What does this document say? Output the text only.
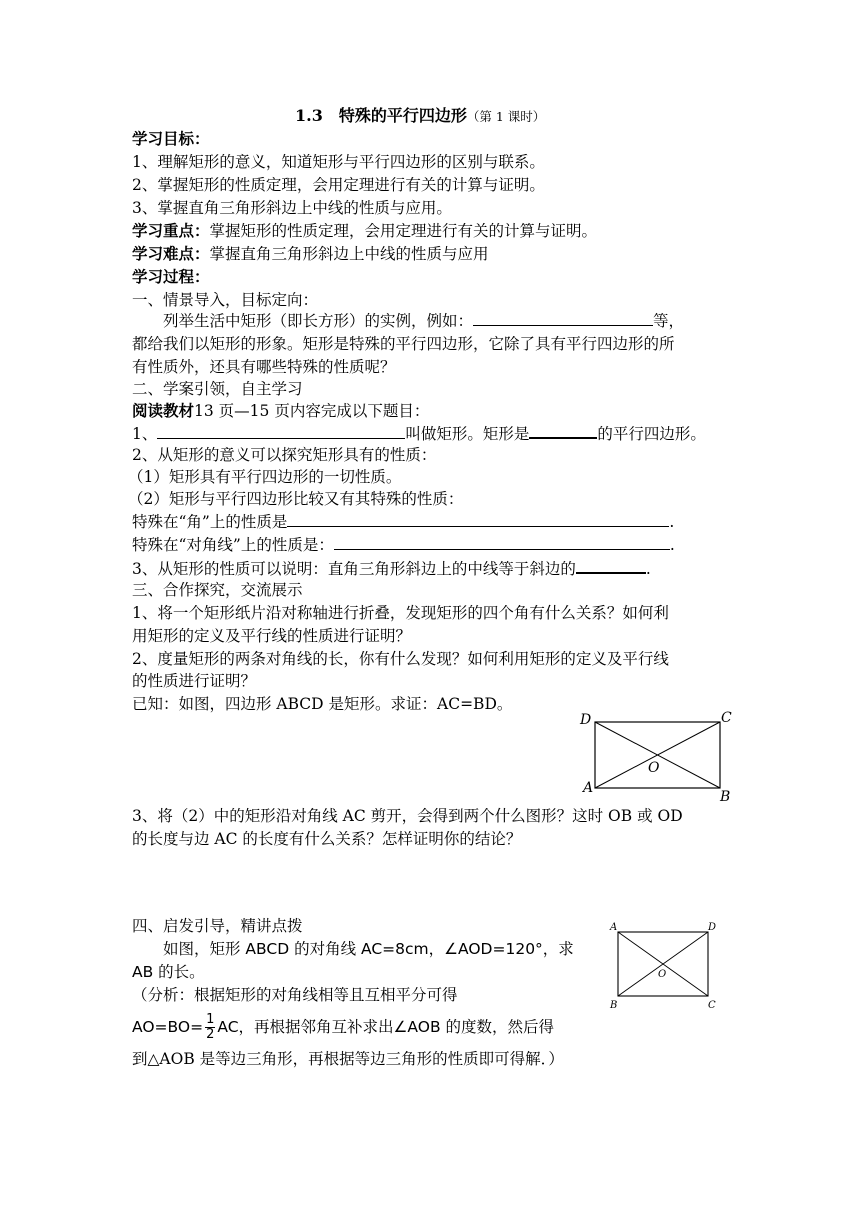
1.3　特殊的平行四边形（第 1 课时）
学习目标：
1、理解矩形的意义，知道矩形与平行四边形的区别与联系。
2、掌握矩形的性质定理，会用定理进行有关的计算与证明。
3、掌握直角三角形斜边上中线的性质与应用。
学习重点：掌握矩形的性质定理，会用定理进行有关的计算与证明。
学习难点：掌握直角三角形斜边上中线的性质与应用
学习过程：
一、情景导入，目标定向：
列举生活中矩形（即长方形）的实例，例如：	等，
都给我们以矩形的形象。矩形是特殊的平行四边形，它除了具有平行四边形的所
有性质外，还具有哪些特殊的性质呢？
二、学案引领，自主学习
阅读教材13 页—15 页内容完成以下题目：
1、	叫做矩形。矩形是	的平行四边形。
2、从矩形的意义可以探究矩形具有的性质：
（1）矩形具有平行四边形的一切性质。
（2）矩形与平行四边形比较又有其特殊的性质：
特殊在“角”上的性质是	.
特殊在“对角线”上的性质是：	.
3、从矩形的性质可以说明：直角三角形斜边上的中线等于斜边的	.
三、合作探究，交流展示
1、将一个矩形纸片沿对称轴进行折叠，发现矩形的四个角有什么关系？如何利
用矩形的定义及平行线的性质进行证明？
2、度量矩形的两条对角线的长，你有什么发现？如何利用矩形的定义及平行线
的性质进行证明？
已知：如图，四边形 ABCD 是矩形。求证：AC=BD。
D	C
A
B
O
3、将（2）中的矩形沿对角线 AC 剪开，会得到两个什么图形？这时 OB 或 OD
的长度与边 AC 的长度有什么关系？怎样证明你的结论？
四、启发引导，精讲点拨
如图，矩形 ABCD 的对角线 AC=8cm，∠AOD=120°，求
AB 的长。
（分析：根据矩形的对角线相等且互相平分可得
$AO=BO= \frac{1}{2}$ AC，再根据邻角互补求出∠AOB 的度数，然后得
到△AOB 是等边三角形，再根据等边三角形的性质即可得解．）
A	D
B	C
O
